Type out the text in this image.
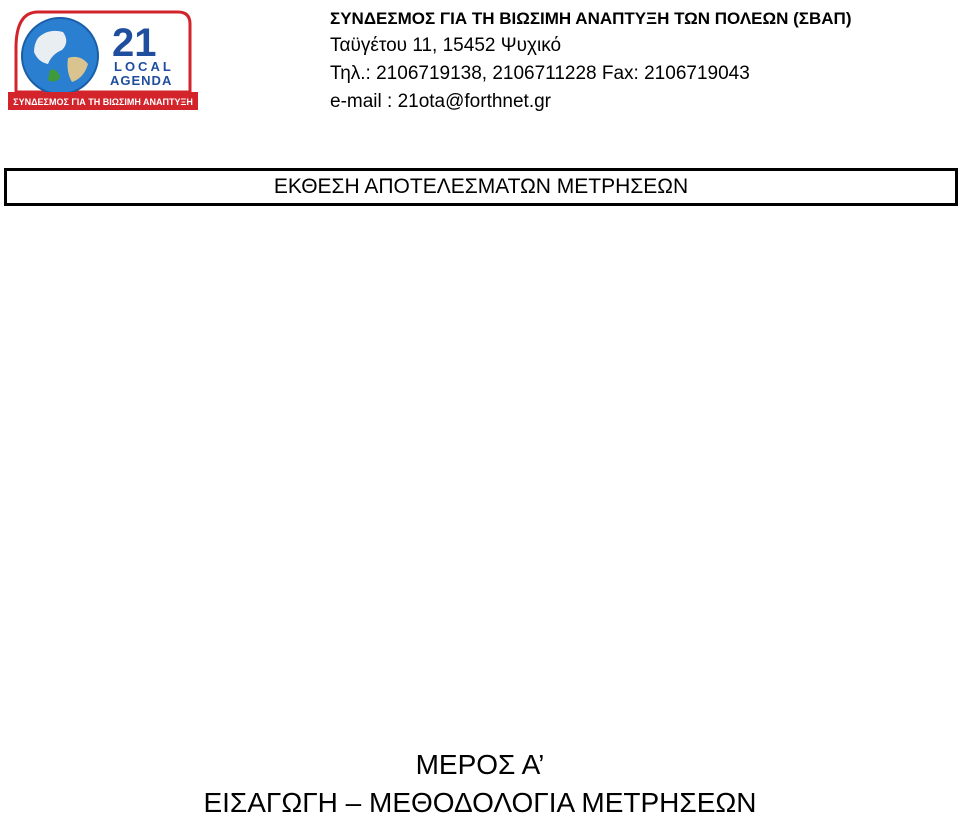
21
LOCAL
AGENDA
ΣΥΝΔΕΣΜΟΣ ΓΙΑ ΤΗ ΒΙΩΣΙΜΗ ΑΝΑΠΤΥΞΗ
ΣΥΝΔΕΣΜΟΣ ΓΙΑ ΤΗ ΒΙΩΣΙΜΗ ΑΝΑΠΤΥΞΗ ΤΩΝ ΠΟΛΕΩΝ (ΣΒΑΠ)
Ταϋγέτου 11, 15452 Ψυχικό
Τηλ.: 2106719138, 2106711228 Fax: 2106719043
e-mail : 21ota@forthnet.gr
ΕΚΘΕΣΗ ΑΠΟΤΕΛΕΣΜΑΤΩΝ ΜΕΤΡΗΣΕΩΝ
ΜΕΡΟΣ Α’
ΕΙΣΑΓΩΓΗ – ΜΕΘΟΔΟΛΟΓΙΑ ΜΕΤΡΗΣΕΩΝ
